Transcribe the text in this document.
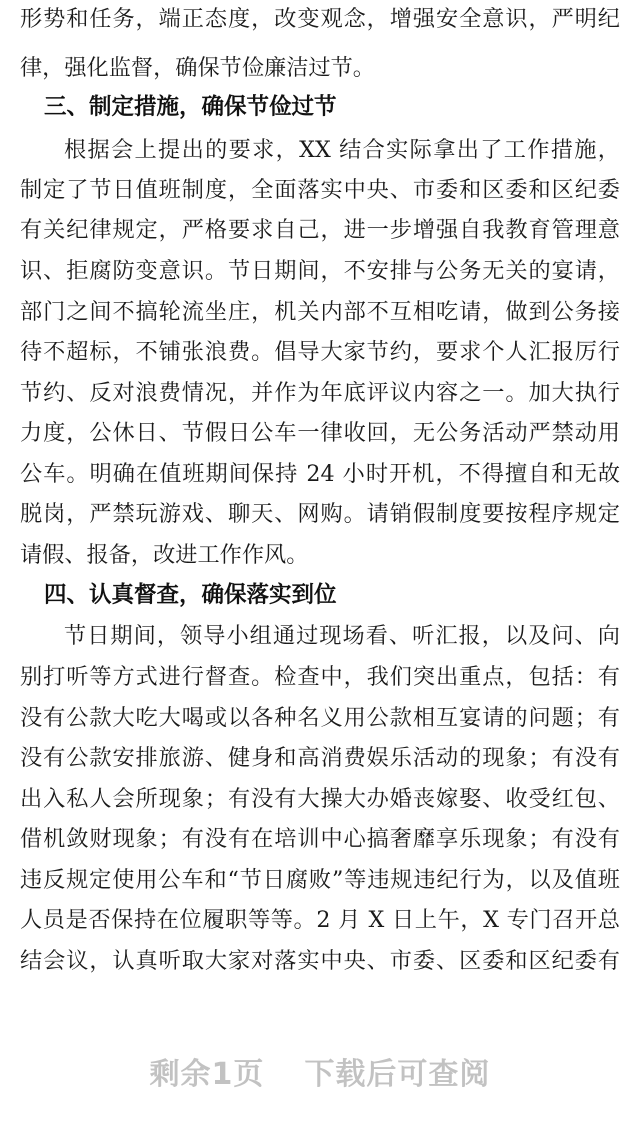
形势和任务，端正态度，改变观念，增强安全意识，严明纪
律，强化监督，确保节俭廉洁过节。
三、制定措施，确保节俭过节
根据会上提出的要求，XX 结合实际拿出了工作措施，
制定了节日值班制度，全面落实中央、市委和区委和区纪委
有关纪律规定，严格要求自己，进一步增强自我教育管理意
识、拒腐防变意识。节日期间，不安排与公务无关的宴请，
部门之间不搞轮流坐庄，机关内部不互相吃请，做到公务接
待不超标，不铺张浪费。倡导大家节约，要求个人汇报厉行
节约、反对浪费情况，并作为年底评议内容之一。加大执行
力度，公休日、节假日公车一律收回，无公务活动严禁动用
公车。明确在值班期间保持 24 小时开机，不得擅自和无故
脱岗，严禁玩游戏、聊天、网购。请销假制度要按程序规定
请假、报备，改进工作作风。
四、认真督查，确保落实到位
节日期间，领导小组通过现场看、听汇报，以及问、向
别打听等方式进行督查。检查中，我们突出重点，包括：有
没有公款大吃大喝或以各种名义用公款相互宴请的问题；有
没有公款安排旅游、健身和高消费娱乐活动的现象；有没有
出入私人会所现象；有没有大操大办婚丧嫁娶、收受红包、
借机敛财现象；有没有在培训中心搞奢靡享乐现象；有没有
违反规定使用公车和“节日腐败”等违规违纪行为，以及值班
人员是否保持在位履职等等。2 月 X 日上午，X 专门召开总
结会议，认真听取大家对落实中央、市委、区委和区纪委有
剩余1页 下载后可查阅
